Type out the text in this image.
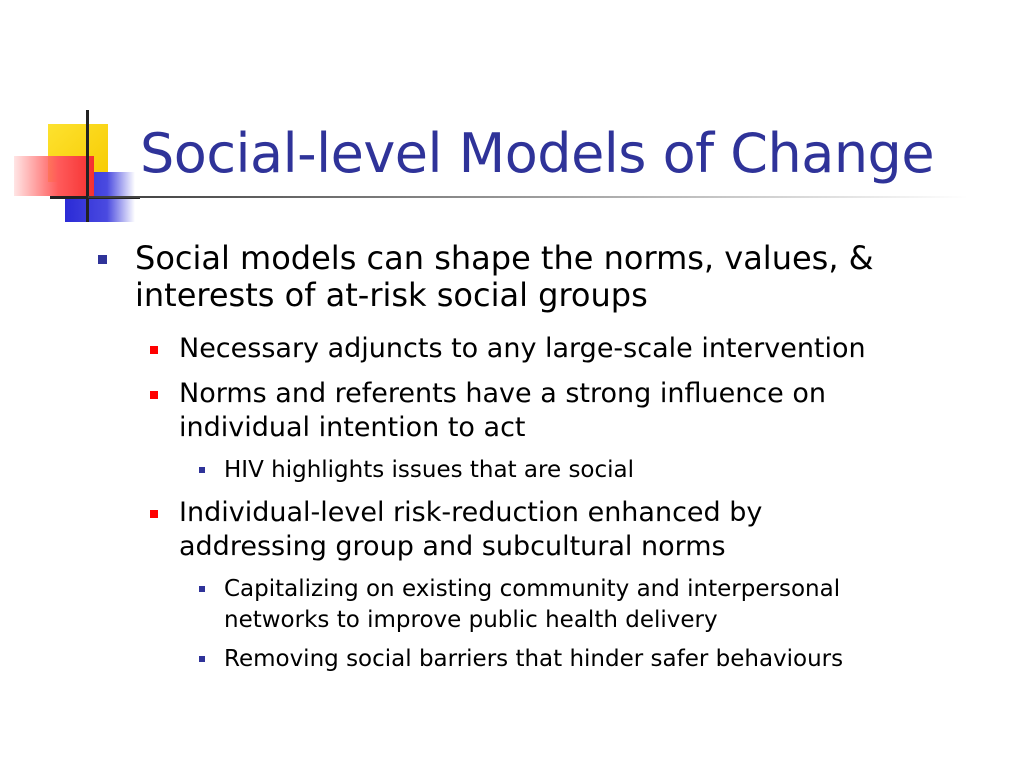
Social-level Models of Change
Social models can shape the norms, values, & interests of at-risk social groups
Necessary adjuncts to any large-scale intervention
Norms and referents have a strong influence on individual intention to act
HIV highlights issues that are social
Individual-level risk-reduction enhanced by addressing group and subcultural norms
Capitalizing on existing community and interpersonal networks to improve public health delivery
Removing social barriers that hinder safer behaviours
